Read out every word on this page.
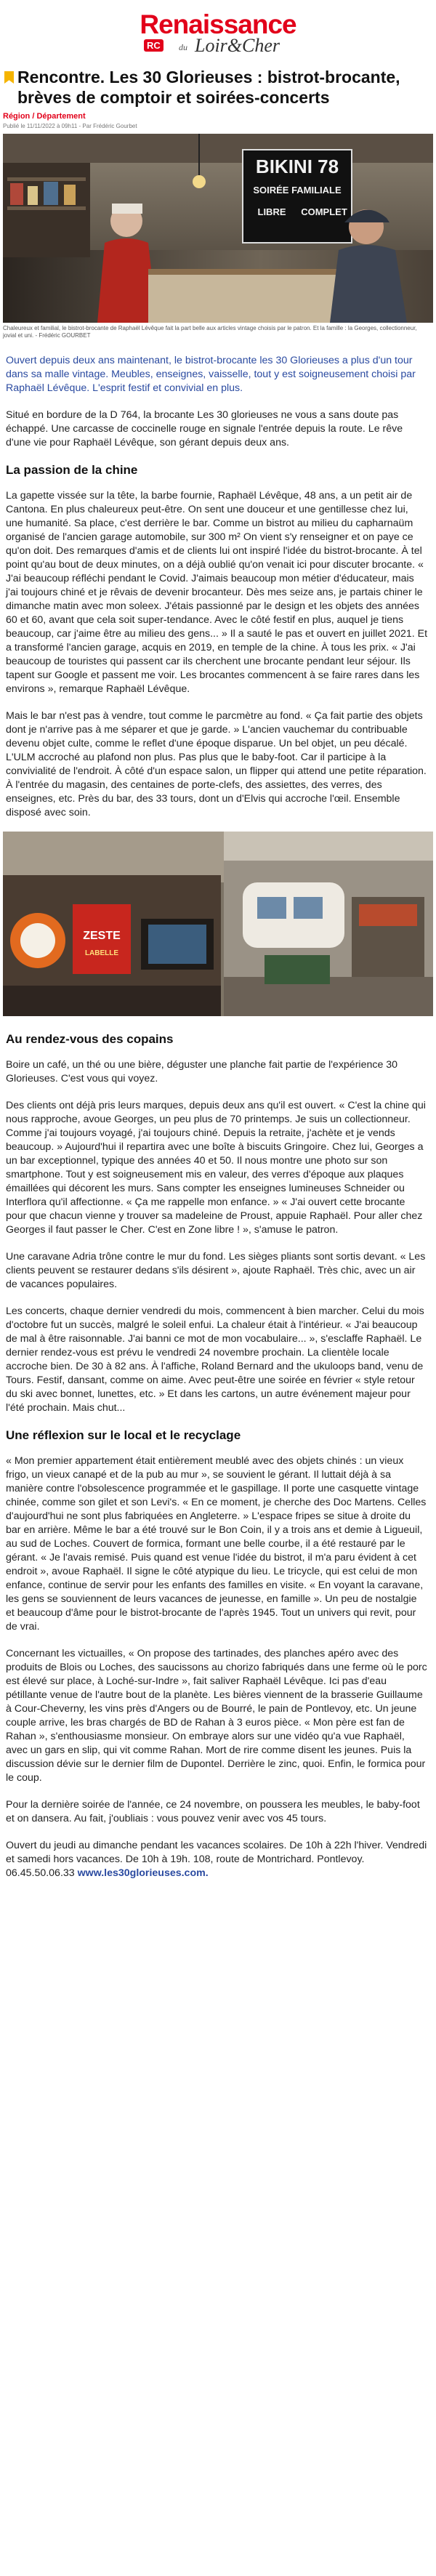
Renaissance
RC	du Loir&Cher
Rencontre. Les 30 Glorieuses : bistrot-brocante, brèves de comptoir et soirées-concerts
Région / Département
Publié le 11/11/2022 à 09h11 - Par Frédéric Gourbet
BIKINI 78
SOIRÉE FAMILIALE
LIBRE COMPLET
Chaleureux et familial, le bistrot-brocante de Raphaël Lévêque fait la part belle aux articles vintage choisis par le patron. Et la famille : la Georges, collectionneur, jovial et uni. - Frédéric GOURBET

Ouvert depuis deux ans maintenant, le bistrot-brocante les 30 Glorieuses a plus d'un tour dans sa malle vintage. Meubles, enseignes, vaisselle, tout y est soigneusement choisi par Raphaël Lévêque. L'esprit festif et convivial en plus.

Situé en bordure de la D 764, la brocante Les 30 glorieuses ne vous a sans doute pas échappé. Une carcasse de coccinelle rouge en signale l'entrée depuis la route. Le rêve d'une vie pour Raphaël Lévêque, son gérant depuis deux ans.

La passion de la chine

La gapette vissée sur la tête, la barbe fournie, Raphaël Lévêque, 48 ans, a un petit air de Cantona. En plus chaleureux peut-être. On sent une douceur et une gentillesse chez lui, une humanité. Sa place, c'est derrière le bar. Comme un bistrot au milieu du capharnaüm organisé de l'ancien garage automobile, sur 300 m² On vient s'y renseigner et on paye ce qu'on doit. Des remarques d'amis et de clients lui ont inspiré l'idée du bistrot-brocante. À tel point qu'au bout de deux minutes, on a déjà oublié qu'on venait ici pour discuter brocante. « J'ai beaucoup réfléchi pendant le Covid. J'aimais beaucoup mon métier d'éducateur, mais j'ai toujours chiné et je rêvais de devenir brocanteur. Dès mes seize ans, je partais chiner le dimanche matin avec mon soleex. J'étais passionné par le design et les objets des années 60 et 60, avant que cela soit super-tendance. Avec le côté festif en plus, auquel je tiens beaucoup, car j'aime être au milieu des gens... » Il a sauté le pas et ouvert en juillet 2021. Et a transformé l'ancien garage, acquis en 2019, en temple de la chine. À tous les prix. « J'ai beaucoup de touristes qui passent car ils cherchent une brocante pendant leur séjour. Ils tapent sur Google et passent me voir. Les brocantes commencent à se faire rares dans les environs », remarque Raphaël Lévêque.

Mais le bar n'est pas à vendre, tout comme le parcmètre au fond. « Ça fait partie des objets dont je n'arrive pas à me séparer et que je garde. » L'ancien vauchemar du contribuable devenu objet culte, comme le reflet d'une époque disparue. Un bel objet, un peu décalé. L'ULM accroché au plafond non plus. Pas plus que le baby-foot. Car il participe à la convivialité de l'endroit. À côté d'un espace salon, un flipper qui attend une petite réparation. À l'entrée du magasin, des centaines de porte-clefs, des assiettes, des verres, des enseignes, etc. Près du bar, des 33 tours, dont un d'Elvis qui accroche l'œil. Ensemble disposé avec soin.

ZESTE
LABELLE
Au rendez-vous des copains

Boire un café, un thé ou une bière, déguster une planche fait partie de l'expérience 30 Glorieuses. C'est vous qui voyez.

Des clients ont déjà pris leurs marques, depuis deux ans qu'il est ouvert. « C'est la chine qui nous rapproche, avoue Georges, un peu plus de 70 printemps. Je suis un collectionneur. Comme j'ai toujours voyagé, j'ai toujours chiné. Depuis la retraite, j'achète et je vends beaucoup. » Aujourd'hui il repartira avec une boîte à biscuits Gringoire. Chez lui, Georges a un bar exceptionnel, typique des années 40 et 50. Il nous montre une photo sur son smartphone. Tout y est soigneusement mis en valeur, des verres d'époque aux plaques émaillées qui décorent les murs. Sans compter les enseignes lumineuses Schneider ou Interflora qu'il affectionne. « Ça me rappelle mon enfance. » « J'ai ouvert cette brocante pour que chacun vienne y trouver sa madeleine de Proust, appuie Raphaël. Pour aller chez Georges il faut passer le Cher. C'est en Zone libre ! », s'amuse le patron.

Une caravane Adria trône contre le mur du fond. Les sièges pliants sont sortis devant. « Les clients peuvent se restaurer dedans s'ils désirent », ajoute Raphaël. Très chic, avec un air de vacances populaires.

Les concerts, chaque dernier vendredi du mois, commencent à bien marcher. Celui du mois d'octobre fut un succès, malgré le soleil enfui. La chaleur était à l'intérieur. « J'ai beaucoup de mal à être raisonnable. J'ai banni ce mot de mon vocabulaire... », s'esclaffe Raphaël. Le dernier rendez-vous est prévu le vendredi 24 novembre prochain. La clientèle locale accroche bien. De 30 à 82 ans. À l'affiche, Roland Bernard and the ukuloops band, venu de Tours. Festif, dansant, comme on aime. Avec peut-être une soirée en février « style retour du ski avec bonnet, lunettes, etc. » Et dans les cartons, un autre événement majeur pour l'été prochain. Mais chut...

Une réflexion sur le local et le recyclage

« Mon premier appartement était entièrement meublé avec des objets chinés : un vieux frigo, un vieux canapé et de la pub au mur », se souvient le gérant. Il luttait déjà à sa manière contre l'obsolescence programmée et le gaspillage. Il porte une casquette vintage chinée, comme son gilet et son Levi's. « En ce moment, je cherche des Doc Martens. Celles d'aujourd'hui ne sont plus fabriquées en Angleterre. » L'espace fripes se situe à droite du bar en arrière. Même le bar a été trouvé sur le Bon Coin, il y a trois ans et demie à Ligueuil, au sud de Loches. Couvert de formica, formant une belle courbe, il a été restauré par le gérant. « Je l'avais remisé. Puis quand est venue l'idée du bistrot, il m'a paru évident à cet endroit », avoue Raphaël. Il signe le côté atypique du lieu. Le tricycle, qui est celui de mon enfance, continue de servir pour les enfants des familles en visite. « En voyant la caravane, les gens se souviennent de leurs vacances de jeunesse, en famille ». Un peu de nostalgie et beaucoup d'âme pour le bistrot-brocante de l'après 1945. Tout un univers qui revit, pour de vrai.

Concernant les victuailles, « On propose des tartinades, des planches apéro avec des produits de Blois ou Loches, des saucissons au chorizo fabriqués dans une ferme où le porc est élevé sur place, à Loché-sur-Indre », fait saliver Raphaël Lévêque. Ici pas d'eau pétillante venue de l'autre bout de la planète. Les bières viennent de la brasserie Guillaume à Cour-Cheverny, les vins près d'Angers ou de Bourré, le pain de Pontlevoy, etc. Un jeune couple arrive, les bras chargés de BD de Rahan à 3 euros pièce. « Mon père est fan de Rahan », s'enthousiasme monsieur. On embraye alors sur une vidéo qu'a vue Raphaël, avec un gars en slip, qui vit comme Rahan. Mort de rire comme disent les jeunes. Puis la discussion dévie sur le dernier film de Dupontel. Derrière le zinc, quoi. Enfin, le formica pour le coup.

Pour la dernière soirée de l'année, ce 24 novembre, on poussera les meubles, le baby-foot et on dansera. Au fait, j'oubliais : vous pouvez venir avec vos 45 tours.

Ouvert du jeudi au dimanche pendant les vacances scolaires. De 10h à 22h l'hiver. Vendredi et samedi hors vacances. De 10h à 19h. 108, route de Montrichard. Pontlevoy. 06.45.50.06.33 www.les30glorieuses.com.
